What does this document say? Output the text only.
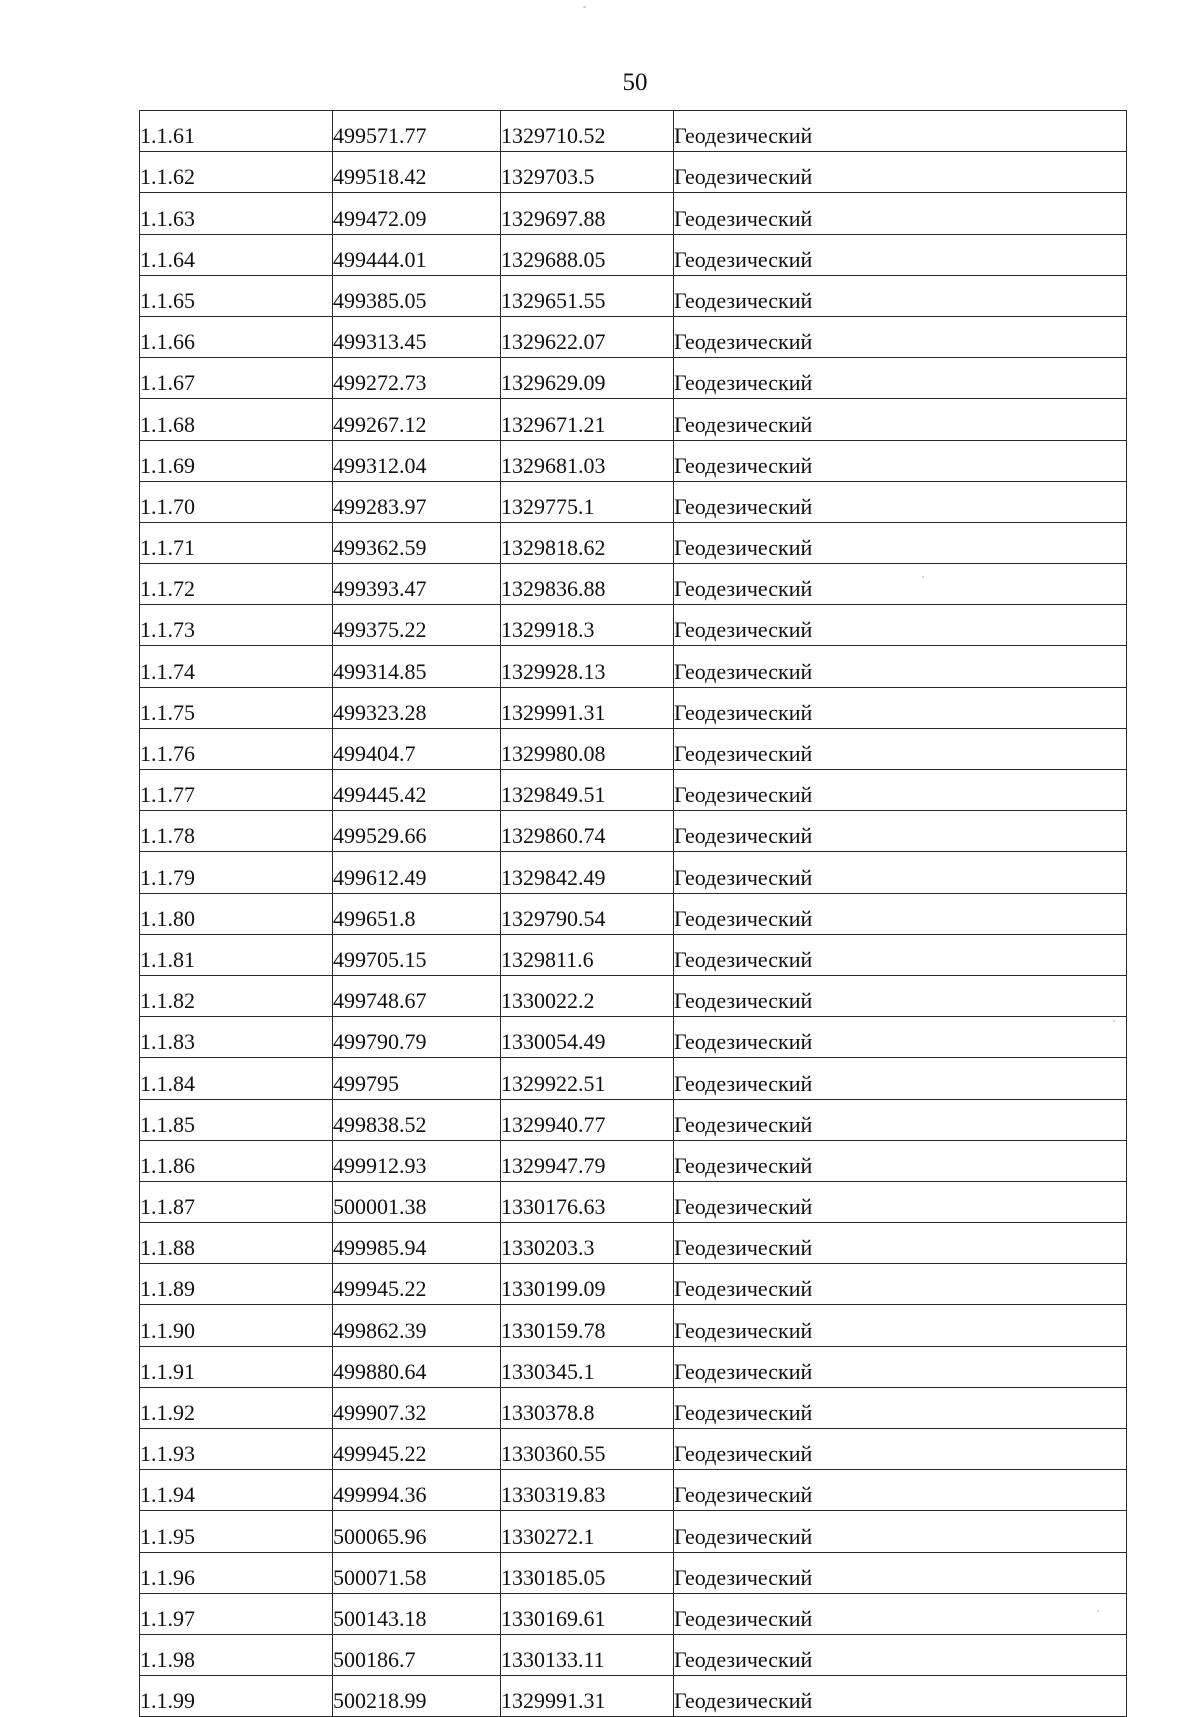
50
1.1.61	499571.77	1329710.52	Геодезический
1.1.62	499518.42	1329703.5	Геодезический
1.1.63	499472.09	1329697.88	Геодезический
1.1.64	499444.01	1329688.05	Геодезический
1.1.65	499385.05	1329651.55	Геодезический
1.1.66	499313.45	1329622.07	Геодезический
1.1.67	499272.73	1329629.09	Геодезический
1.1.68	499267.12	1329671.21	Геодезический
1.1.69	499312.04	1329681.03	Геодезический
1.1.70	499283.97	1329775.1	Геодезический
1.1.71	499362.59	1329818.62	Геодезический
1.1.72	499393.47	1329836.88	Геодезический
1.1.73	499375.22	1329918.3	Геодезический
1.1.74	499314.85	1329928.13	Геодезический
1.1.75	499323.28	1329991.31	Геодезический
1.1.76	499404.7	1329980.08	Геодезический
1.1.77	499445.42	1329849.51	Геодезический
1.1.78	499529.66	1329860.74	Геодезический
1.1.79	499612.49	1329842.49	Геодезический
1.1.80	499651.8	1329790.54	Геодезический
1.1.81	499705.15	1329811.6	Геодезический
1.1.82	499748.67	1330022.2	Геодезический
1.1.83	499790.79	1330054.49	Геодезический
1.1.84	499795	1329922.51	Геодезический
1.1.85	499838.52	1329940.77	Геодезический
1.1.86	499912.93	1329947.79	Геодезический
1.1.87	500001.38	1330176.63	Геодезический
1.1.88	499985.94	1330203.3	Геодезический
1.1.89	499945.22	1330199.09	Геодезический
1.1.90	499862.39	1330159.78	Геодезический
1.1.91	499880.64	1330345.1	Геодезический
1.1.92	499907.32	1330378.8	Геодезический
1.1.93	499945.22	1330360.55	Геодезический
1.1.94	499994.36	1330319.83	Геодезический
1.1.95	500065.96	1330272.1	Геодезический
1.1.96	500071.58	1330185.05	Геодезический
1.1.97	500143.18	1330169.61	Геодезический
1.1.98	500186.7	1330133.11	Геодезический
1.1.99	500218.99	1329991.31	Геодезический
